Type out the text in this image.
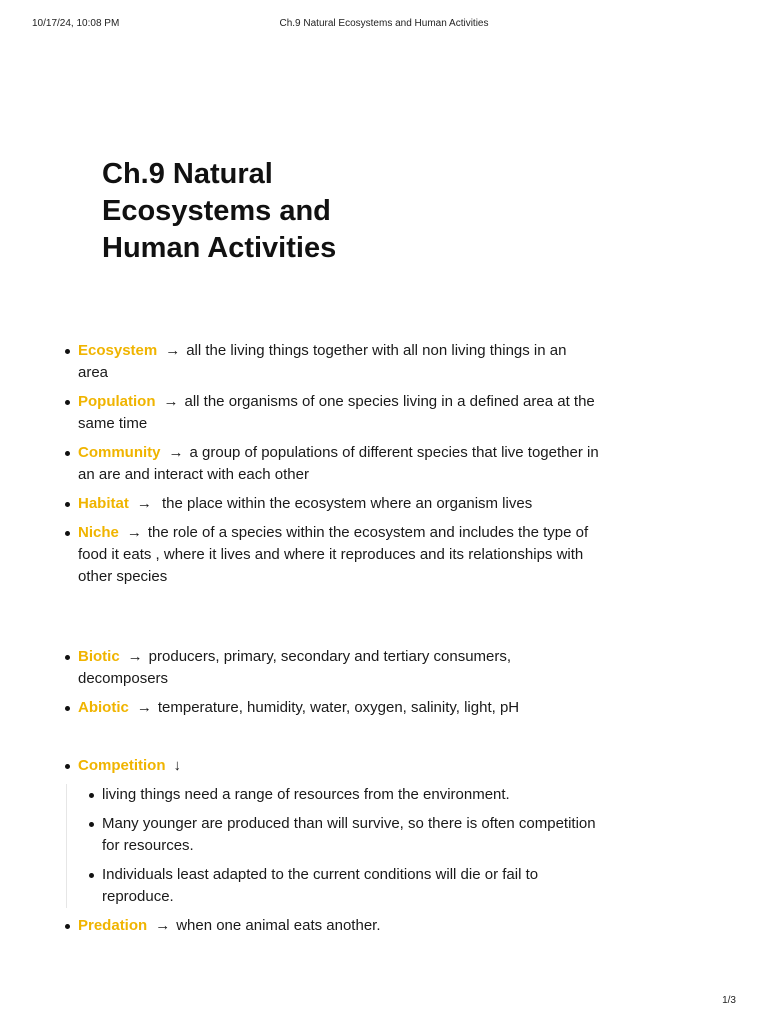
10/17/24, 10:08 PM	Ch.9 Natural Ecosystems and Human Activities
Ch.9 Natural
Ecosystems and
Human Activities
Ecosystem → all the living things together with all non living things in an area
Population → all the organisms of one species living in a defined area at the same time
Community → a group of populations of different species that live together in an are and interact with each other
Habitat → the place within the ecosystem where an organism lives
Niche → the role of a species within the ecosystem and includes the type of food it eats , where it lives and where it reproduces and its relationships with other species
Biotic → producers, primary, secondary and tertiary consumers, decomposers
Abiotic → temperature, humidity, water, oxygen, salinity, light, pH
Competition ↓
living things need a range of resources from the environment.
Many younger are produced than will survive, so there is often competition for resources.
Individuals least adapted to the current conditions will die or fail to reproduce.
Predation → when one animal eats another.
1/3
